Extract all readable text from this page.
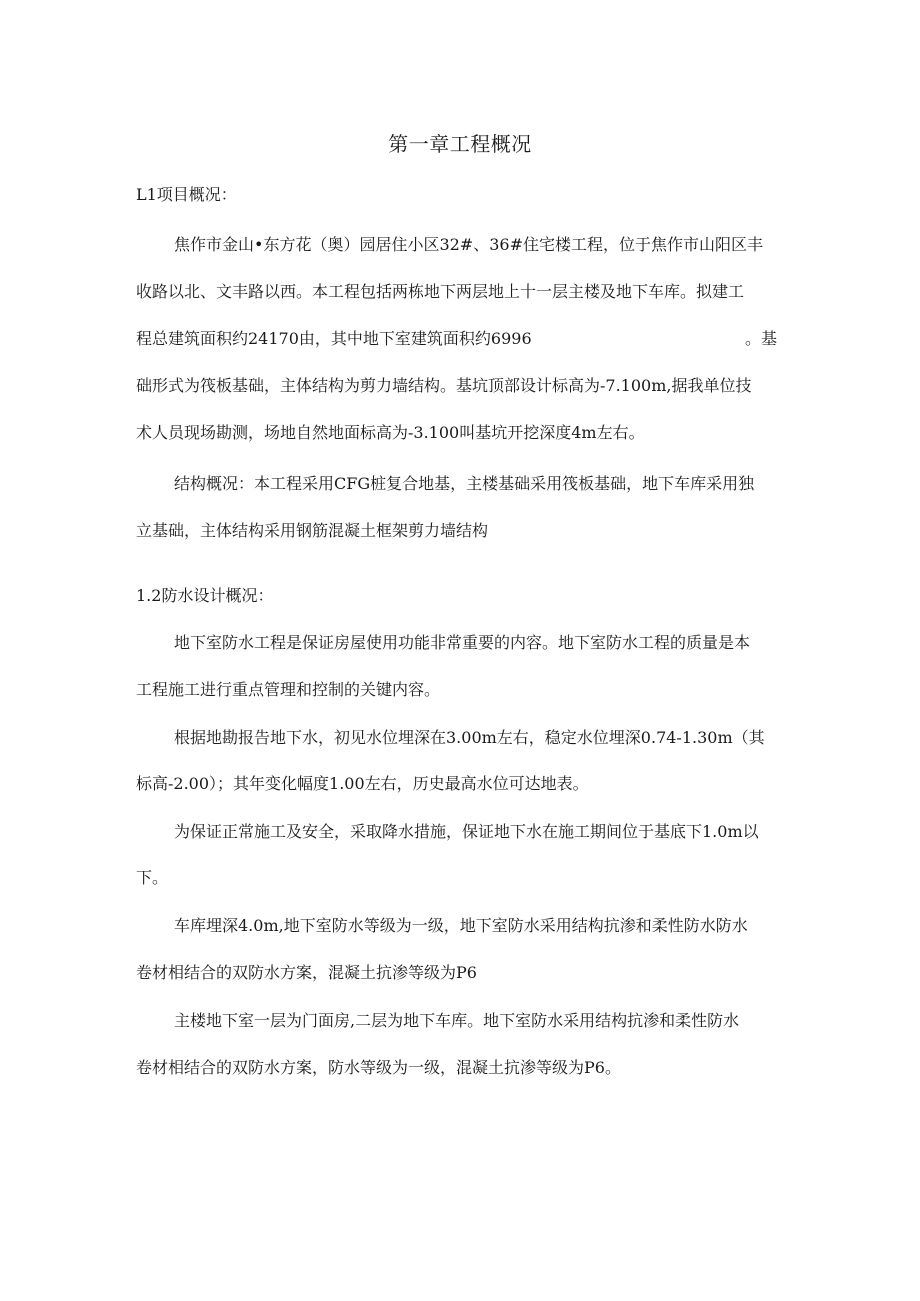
第一章工程概况
L1项目概况：
焦作市金山•东方花（奥）园居住小区32#、36#住宅楼工程，位于焦作市山阳区丰
收路以北、文丰路以西。本工程包括两栋地下两层地上十一层主楼及地下车库。拟建工
程总建筑面积约24170由，其中地下室建筑面积约6996	。基
础形式为筏板基础，主体结构为剪力墙结构。基坑顶部设计标高为-7.100m,据我单位技
术人员现场勘测，场地自然地面标高为-3.100叫基坑开挖深度4m左右。
结构概况：本工程采用CFG桩复合地基，主楼基础采用筏板基础，地下车库采用独
立基础，主体结构采用钢筋混凝土框架剪力墙结构
1.2防水设计概况：
地下室防水工程是保证房屋使用功能非常重要的内容。地下室防水工程的质量是本
工程施工进行重点管理和控制的关键内容。
根据地勘报告地下水，初见水位埋深在3.00m左右，稳定水位埋深0.74-1.30m（其
标高-2.00）；其年变化幅度1.00左右，历史最高水位可达地表。
为保证正常施工及安全，采取降水措施，保证地下水在施工期间位于基底下1.0m以
下。
车库埋深4.0m,地下室防水等级为一级，地下室防水采用结构抗渗和柔性防水防水
卷材相结合的双防水方案，混凝土抗渗等级为P6
主楼地下室一层为门面房,二层为地下车库。地下室防水采用结构抗渗和柔性防水
卷材相结合的双防水方案，防水等级为一级，混凝土抗渗等级为P6。
